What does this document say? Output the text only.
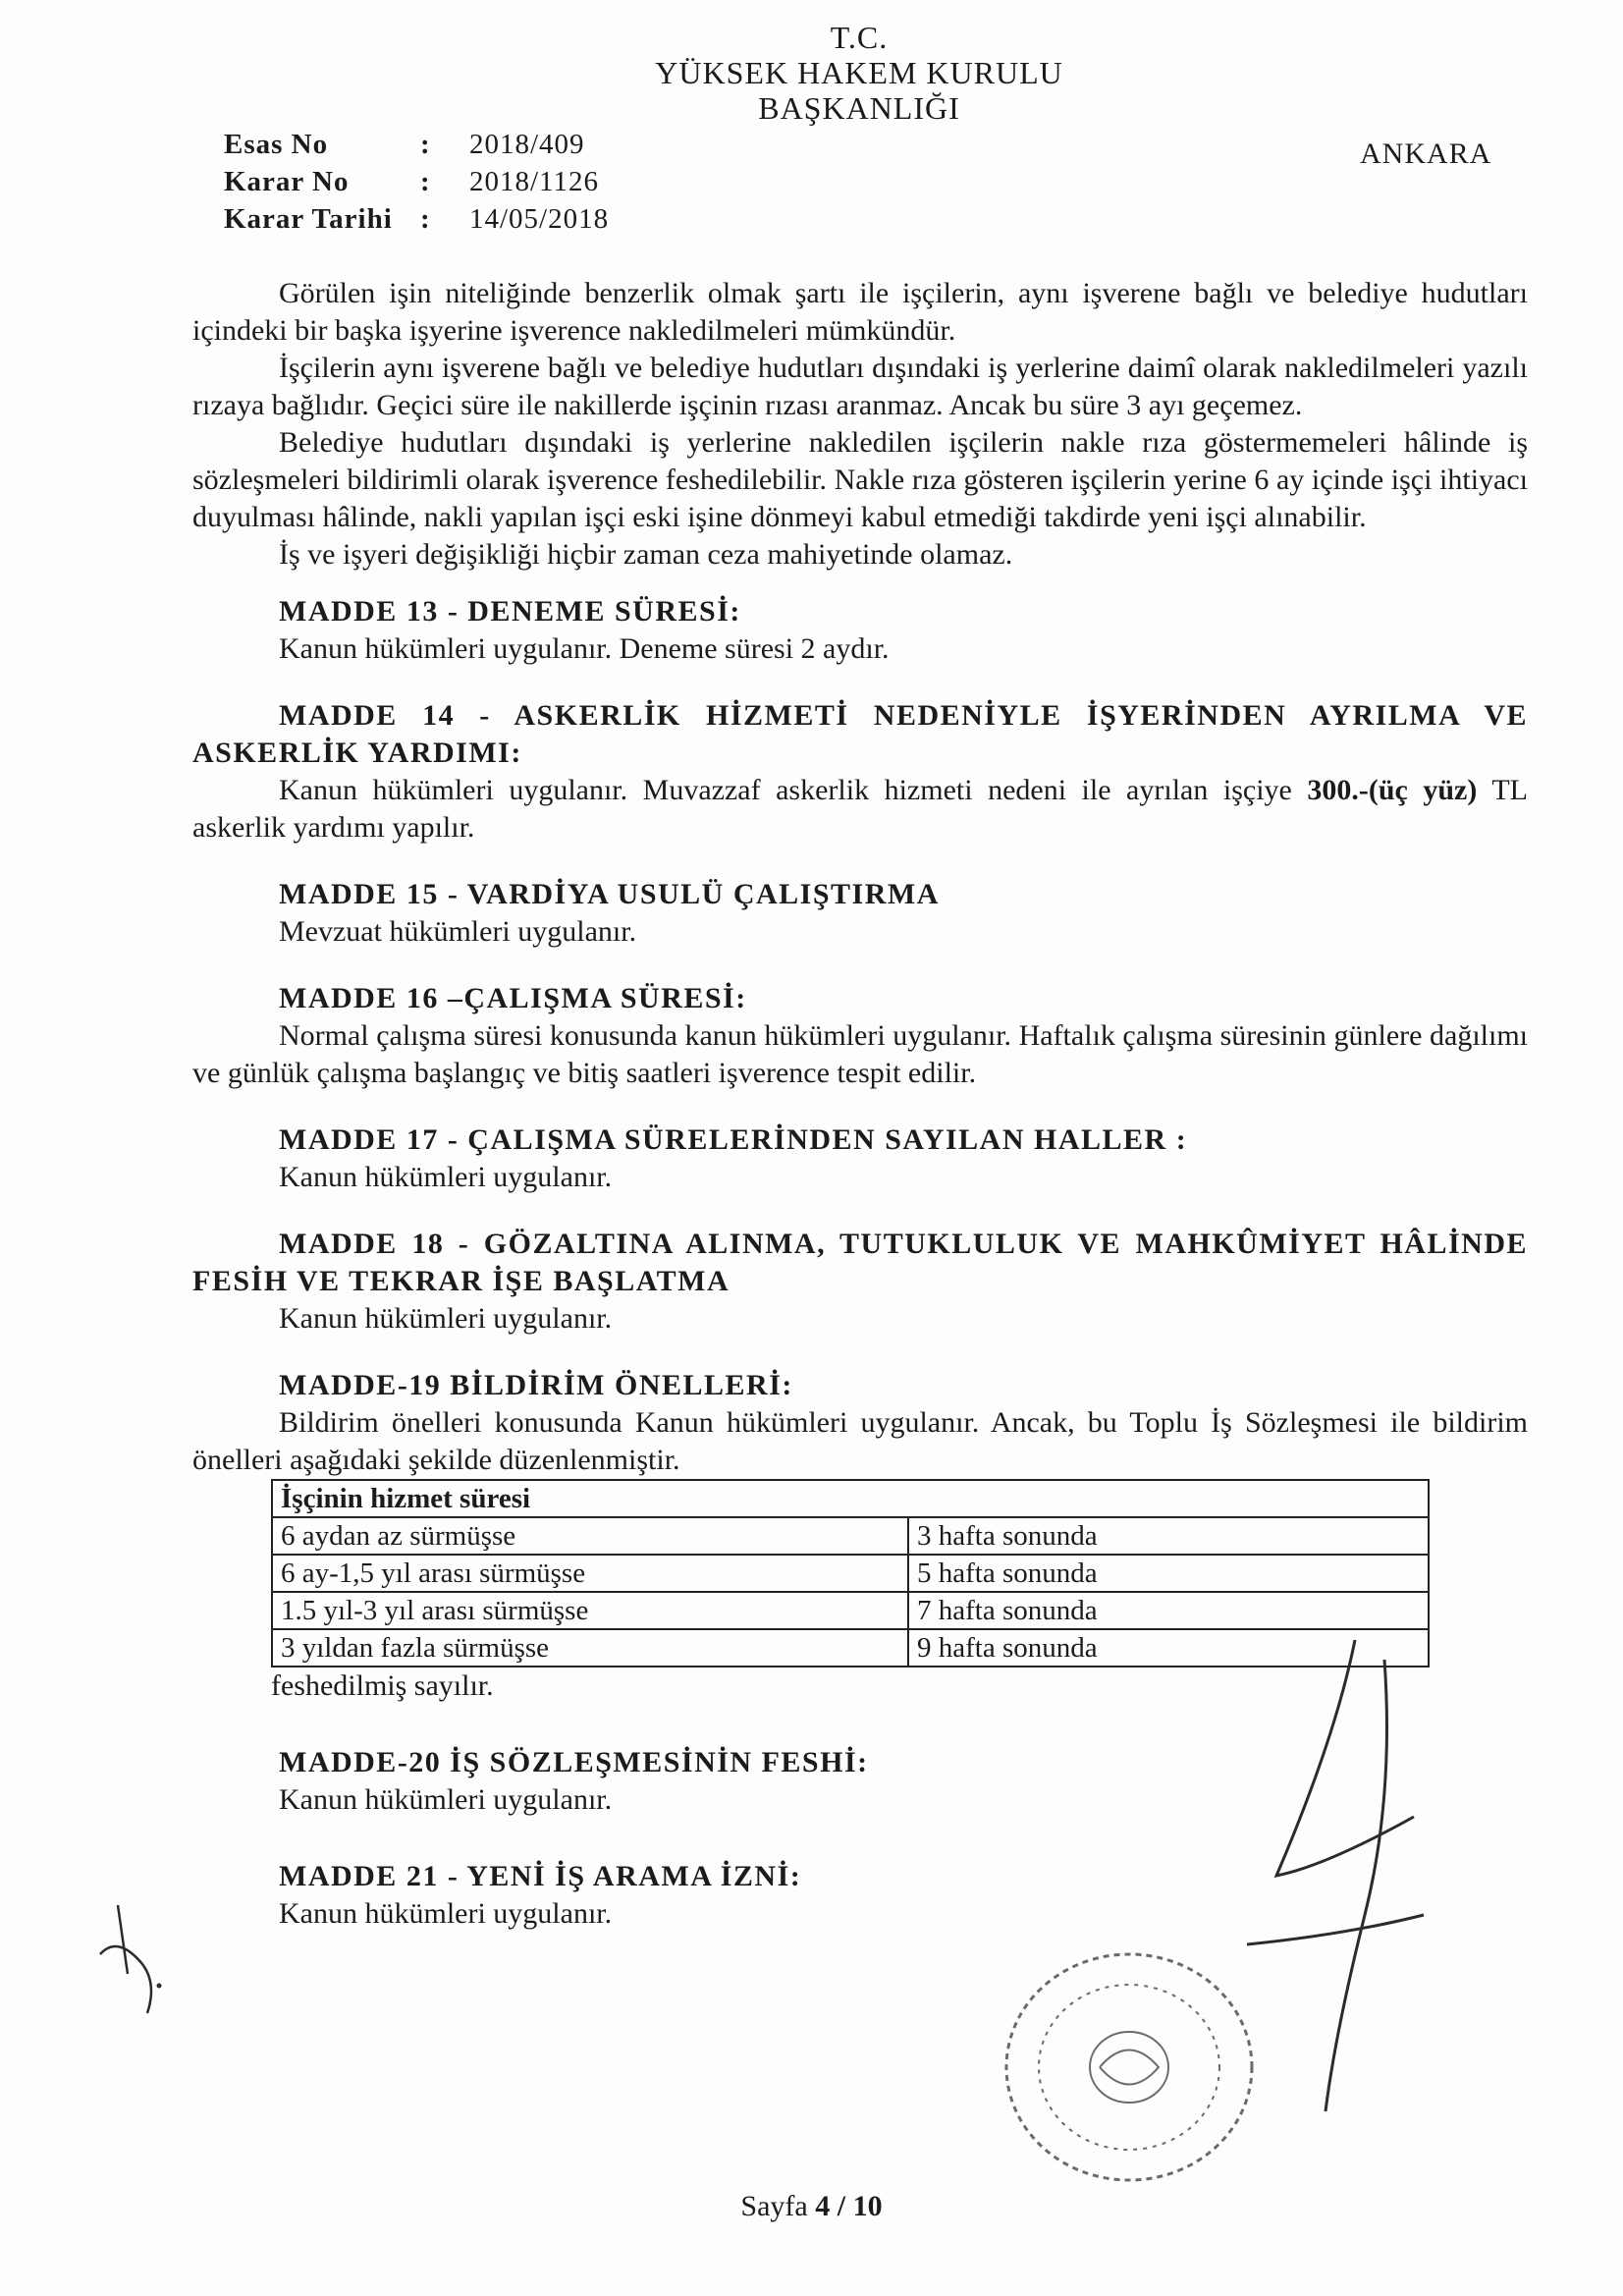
T.C.
YÜKSEK HAKEM KURULU
BAŞKANLIĞI
ANKARA
Esas No	:	2018/409
Karar No	:	2018/1126
Karar Tarihi :	14/05/2018

Görülen işin niteliğinde benzerlik olmak şartı ile işçilerin, aynı işverene bağlı ve belediye hudutları içindeki bir başka işyerine işverence nakledilmeleri mümkündür.

İşçilerin aynı işverene bağlı ve belediye hudutları dışındaki iş yerlerine daimî olarak nakledilmeleri yazılı rızaya bağlıdır. Geçici süre ile nakillerde işçinin rızası aranmaz. Ancak bu süre 3 ayı geçemez.

Belediye hudutları dışındaki iş yerlerine nakledilen işçilerin nakle rıza göstermemeleri hâlinde iş sözleşmeleri bildirimli olarak işverence feshedilebilir. Nakle rıza gösteren işçilerin yerine 6 ay içinde işçi ihtiyacı duyulması hâlinde, nakli yapılan işçi eski işine dönmeyi kabul etmediği takdirde yeni işçi alınabilir.

İş ve işyeri değişikliği hiçbir zaman ceza mahiyetinde olamaz.

MADDE 13 - DENEME SÜRESİ:

Kanun hükümleri uygulanır. Deneme süresi 2 aydır.

MADDE 14 - ASKERLİK HİZMETİ NEDENİYLE İŞYERİNDEN AYRILMA VE ASKERLİK YARDIMI:

Kanun hükümleri uygulanır. Muvazzaf askerlik hizmeti nedeni ile ayrılan işçiye 300.-(üç yüz) TL askerlik yardımı yapılır.

MADDE 15 - VARDİYA USULÜ ÇALIŞTIRMA

Mevzuat hükümleri uygulanır.

MADDE 16 –ÇALIŞMA SÜRESİ:

Normal çalışma süresi konusunda kanun hükümleri uygulanır. Haftalık çalışma süresinin günlere dağılımı ve günlük çalışma başlangıç ve bitiş saatleri işverence tespit edilir.

MADDE 17 - ÇALIŞMA SÜRELERİNDEN SAYILAN HALLER :

Kanun hükümleri uygulanır.

MADDE 18 - GÖZALTINA ALINMA, TUTUKLULUK VE MAHKÛMİYET HÂLİNDE FESİH VE TEKRAR İŞE BAŞLATMA

Kanun hükümleri uygulanır.

MADDE-19 BİLDİRİM ÖNELLERİ:

Bildirim önelleri konusunda Kanun hükümleri uygulanır. Ancak, bu Toplu İş Sözleşmesi ile bildirim önelleri aşağıdaki şekilde düzenlenmiştir.

İşçinin hizmet süresi	
6 aydan az sürmüşse	3 hafta sonunda
6 ay-1,5 yıl arası sürmüşse	5 hafta sonunda
1.5 yıl-3 yıl arası sürmüşse	7 hafta sonunda
3 yıldan fazla sürmüşse	9 hafta sonunda

feshedilmiş sayılır.

MADDE-20 İŞ SÖZLEŞMESİNİN FESHİ:

Kanun hükümleri uygulanır.

MADDE 21 - YENİ İŞ ARAMA İZNİ:

Kanun hükümleri uygulanır.

Sayfa 4 / 10
